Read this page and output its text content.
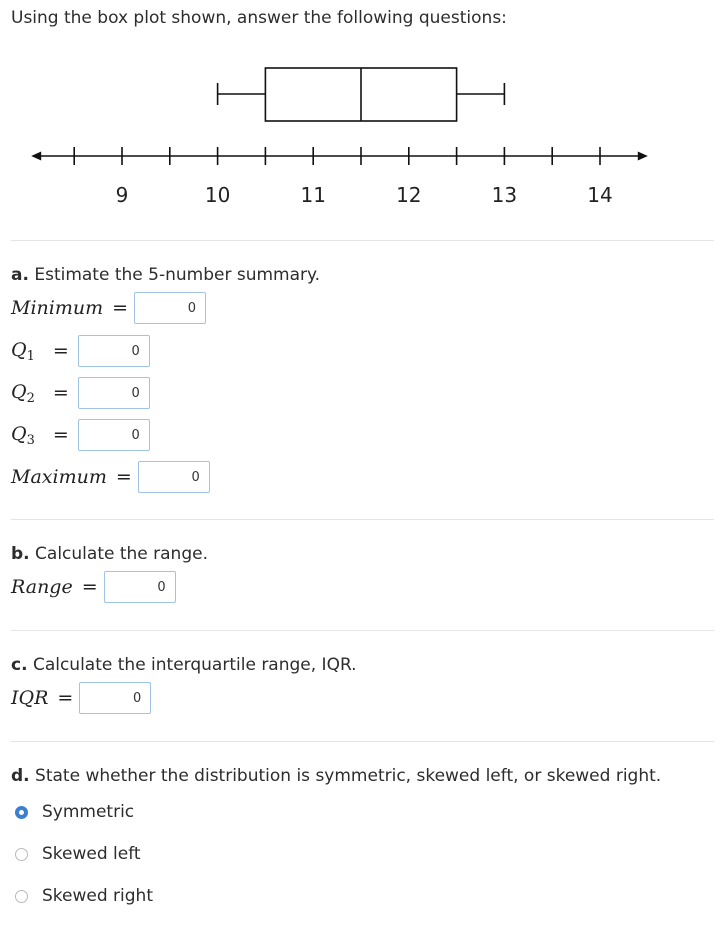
Using the box plot shown, answer the following questions:
9	10	11	12	13	14
a. Estimate the 5-number summary.
Minimum =
0
$Q_1$ =
0
$Q_2$ =
0
$Q_3$ =
0
Maximum =
0
b. Calculate the range.
Range =
0
c. Calculate the interquartile range, IQR.
IQR =
0
d. State whether the distribution is symmetric, skewed left, or skewed right.
Symmetric
Skewed left
Skewed right
